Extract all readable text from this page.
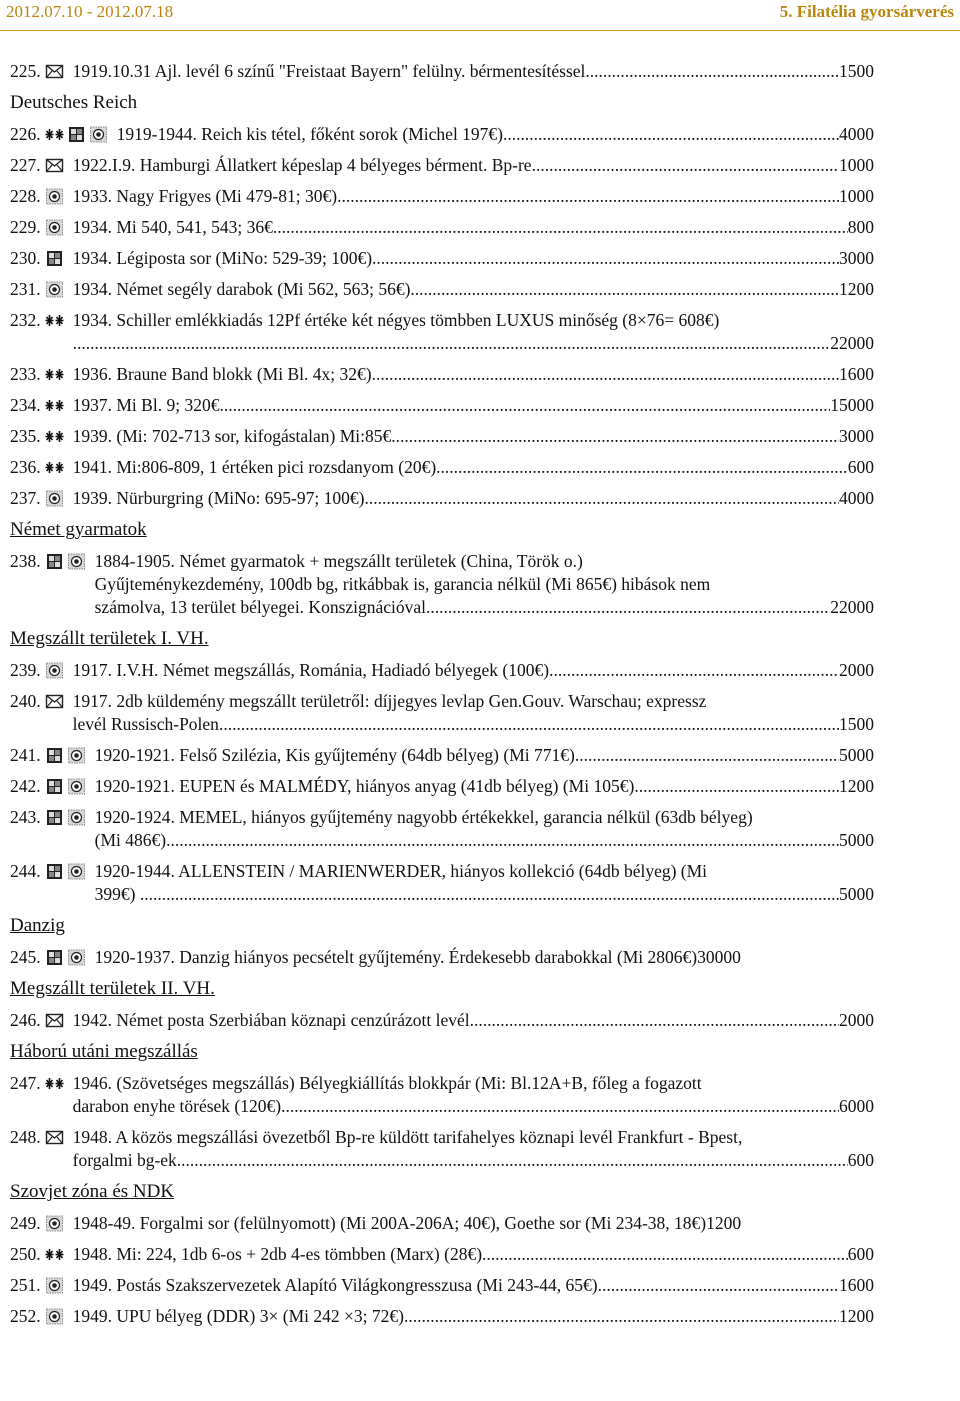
2012.07.10 - 2012.07.18	5. Filatélia gyorsárverés
225. 1919.10.31 Ajl. levél 6 színű "Freistaat Bayern" felülny. bérmentesítéssel .....	1500
Deutsches Reich
226.	1919-1944. Reich kis tétel, főként sorok (Michel 197€) .....	4000
227. 1922.I.9. Hamburgi Állatkert képeslap 4 bélyeges bérment. Bp-re .....	1000
228. 1933. Nagy Frigyes (Mi 479-81; 30€) .....	1000
229. 1934. Mi 540, 541, 543; 36€ .....	800
230. 1934. Légiposta sor (MiNo: 529-39; 100€) .....	3000
231. 1934. Német segély darabok (Mi 562, 563; 56€) .....	1200
232. 1934. Schiller emlékkiadás 12Pf értéke két négyes tömbben LUXUS minőség (8×76= 608€)
.... .....	22000
233. 1936. Braune Band blokk (Mi Bl. 4x; 32€) .....	1600
234. 1937. Mi Bl. 9; 320€ .....	15000
235. 1939. (Mi: 702-713 sor, kifogástalan) Mi:85€ .....	3000
236. 1941. Mi:806-809, 1 értéken pici rozsdanyom (20€) .....	600
237. 1939. Nürburgring (MiNo: 695-97; 100€) .....	4000
Német gyarmatok
238.	1884-1905. Német gyarmatok + megszállt területek (China, Török o.)
Gyűjteménykezdemény, 100db bg, ritkábbak is, garancia nélkül (Mi 865€) hibások nem
számolva, 13 terület bélyegei. Konszignációval .....	22000
Megszállt területek I. VH.
239. 1917. I.V.H. Német megszállás, Románia, Hadiadó bélyegek (100€) .....	2000
240. 1917. 2db küldemény megszállt területről: díjjegyes levlap Gen.Gouv. Warschau; expressz
levél Russisch-Polen .....	1500
241.	1920-1921. Felső Szilézia, Kis gyűjtemény (64db bélyeg) (Mi 771€) .....	5000
242.	1920-1921. EUPEN és MALMÉDY, hiányos anyag (41db bélyeg) (Mi 105€) .....	1200
243.	1920-1924. MEMEL, hiányos gyűjtemény nagyobb értékekkel, garancia nélkül (63db bélyeg)
(Mi 486€) .....	5000
244.	1920-1944. ALLENSTEIN / MARIENWERDER, hiányos kollekció (64db bélyeg) (Mi
399€) . .....	5000
Danzig
245.	1920-1937. Danzig hiányos pecsételt gyűjtemény. Érdekesebb darabokkal (Mi 2806€) 30000
Megszállt területek II. VH.
246. 1942. Német posta Szerbiában köznapi cenzúrázott levél .....	2000
Háború utáni megszállás
247. 1946. (Szövetséges megszállás) Bélyegkiállítás blokkpár (Mi: Bl.12A+B, főleg a fogazott
darabon enyhe törések (120€) .....	6000
248. 1948. A közös megszállási övezetből Bp-re küldött tarifahelyes köznapi levél Frankfurt - Bpest,
forgalmi bg-ek .....	600
Szovjet zóna és NDK
249. 1948-49. Forgalmi sor (felülnyomott) (Mi 200A-206A; 40€), Goethe sor (Mi 234-38, 18€) 1200
250. 1948. Mi: 224, 1db 6-os + 2db 4-es tömbben (Marx) (28€) .....	600
251. 1949. Postás Szakszervezetek Alapító Világkongresszusa (Mi 243-44, 65€) .....	1600
252. 1949. UPU bélyeg (DDR) 3× (Mi 242 ×3; 72€) .....	1200
